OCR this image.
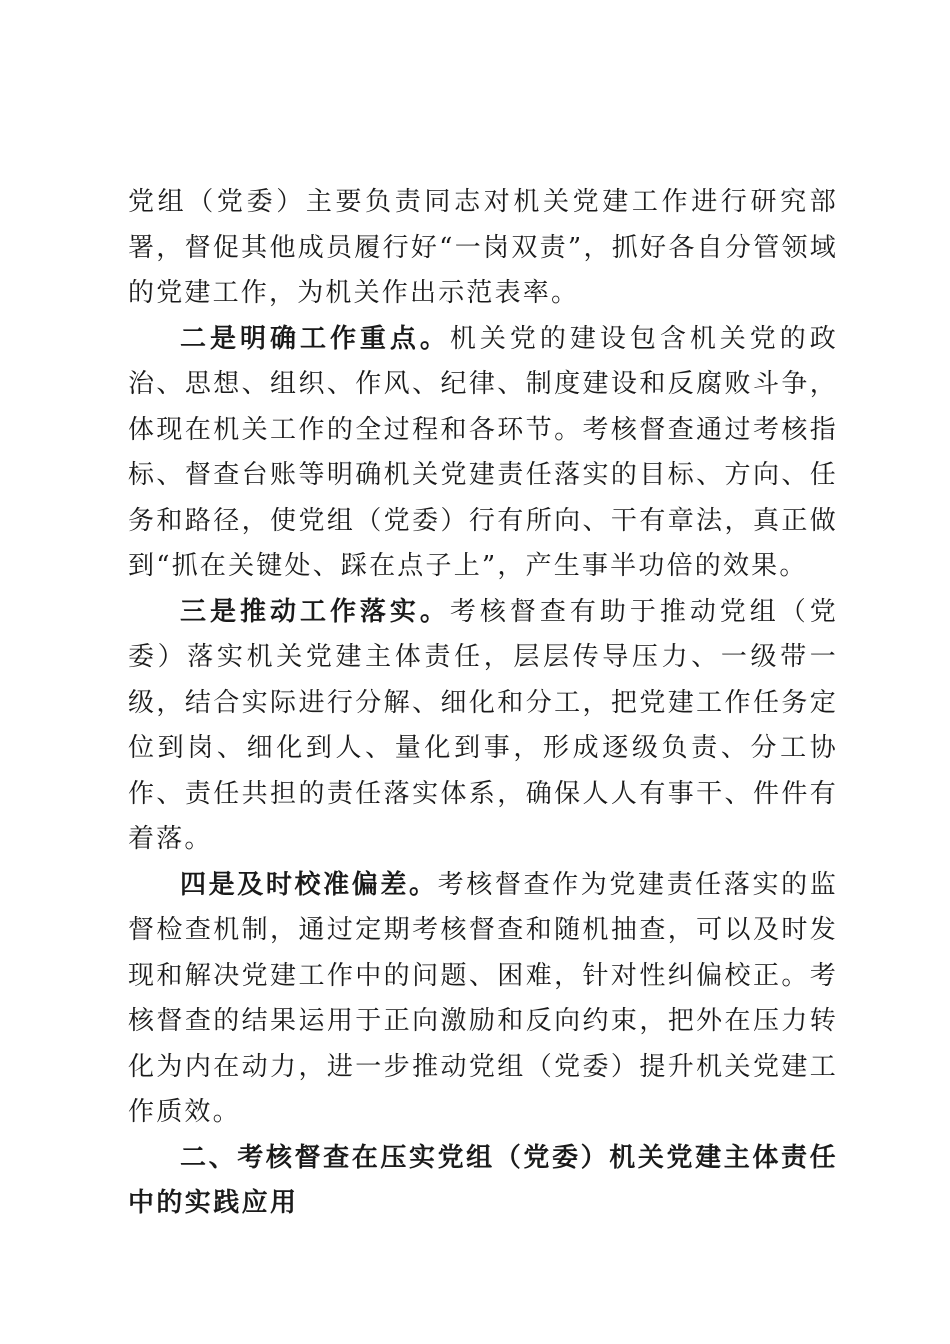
党组（党委）主要负责同志对机关党建工作进行研究部署，督促其他成员履行好“一岗双责”，抓好各自分管领域的党建工作，为机关作出示范表率。

二是明确工作重点。机关党的建设包含机关党的政治、思想、组织、作风、纪律、制度建设和反腐败斗争，体现在机关工作的全过程和各环节。考核督查通过考核指标、督查台账等明确机关党建责任落实的目标、方向、任务和路径，使党组（党委）行有所向、干有章法，真正做到“抓在关键处、踩在点子上”，产生事半功倍的效果。

三是推动工作落实。考核督查有助于推动党组（党委）落实机关党建主体责任，层层传导压力、一级带一级，结合实际进行分解、细化和分工，把党建工作任务定位到岗、细化到人、量化到事，形成逐级负责、分工协作、责任共担的责任落实体系，确保人人有事干、件件有着落。

四是及时校准偏差。考核督查作为党建责任落实的监督检查机制，通过定期考核督查和随机抽查，可以及时发现和解决党建工作中的问题、困难，针对性纠偏校正。考核督查的结果运用于正向激励和反向约束，把外在压力转化为内在动力，进一步推动党组（党委）提升机关党建工作质效。

二、考核督查在压实党组（党委）机关党建主体责任中的实践应用
